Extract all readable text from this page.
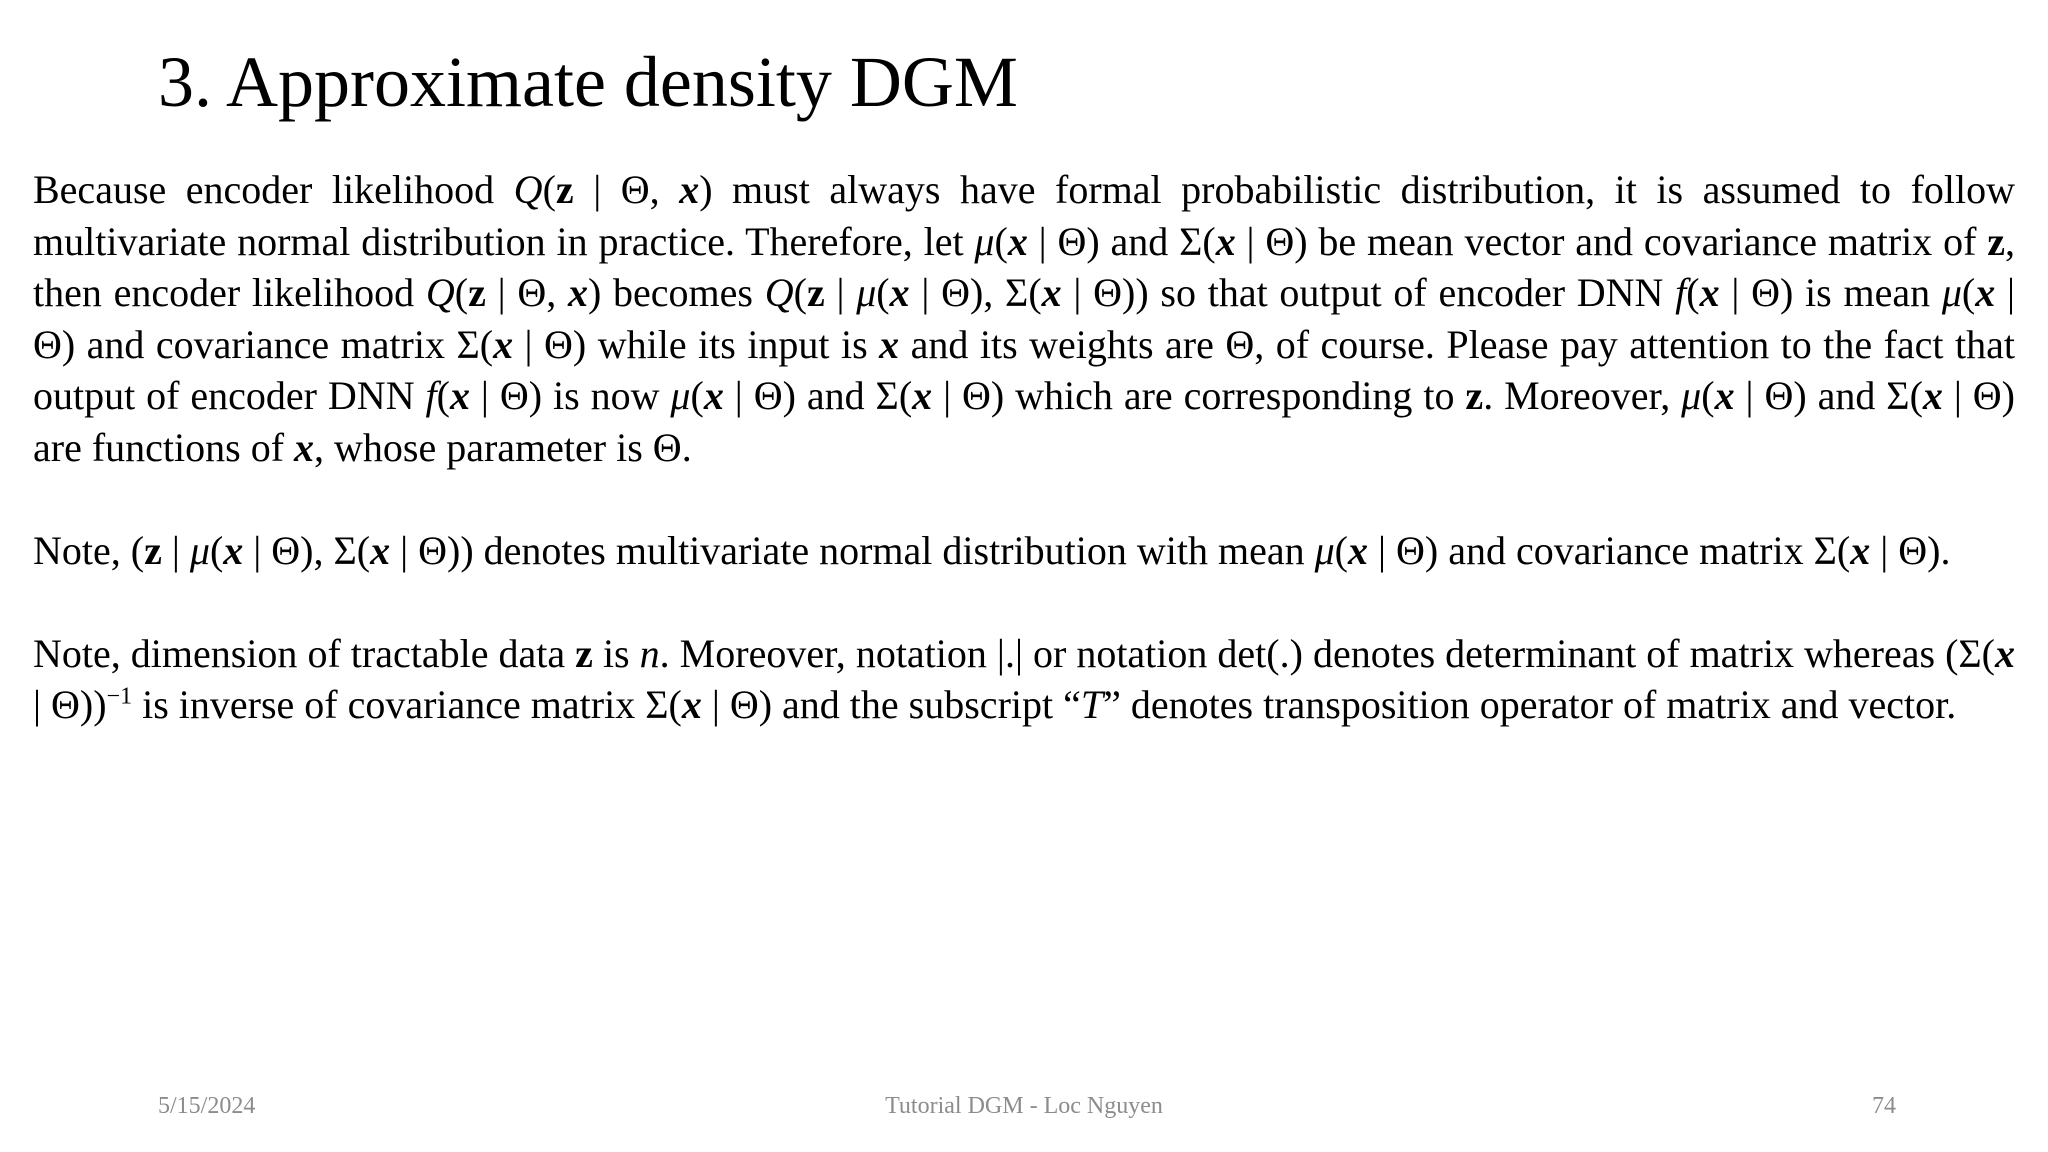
3. Approximate density DGM

Because encoder likelihood Q(z | Θ, x) must always have formal probabilistic distribution, it is assumed to follow multivariate normal distribution in practice. Therefore, let μ(x | Θ) and Σ(x | Θ) be mean vector and covariance matrix of z, then encoder likelihood Q(z | Θ, x) becomes Q(z | μ(x | Θ), Σ(x | Θ)) so that output of encoder DNN f(x | Θ) is mean μ(x | Θ) and covariance matrix Σ(x | Θ) while its input is x and its weights are Θ, of course. Please pay attention to the fact that output of encoder DNN f(x | Θ) is now μ(x | Θ) and Σ(x | Θ) which are corresponding to z. Moreover, μ(x | Θ) and Σ(x | Θ) are functions of x, whose parameter is Θ.

Note, (z | μ(x | Θ), Σ(x | Θ)) denotes multivariate normal distribution with mean μ(x | Θ) and covariance matrix Σ(x | Θ).

Note, dimension of tractable data z is n. Moreover, notation |.| or notation det(.) denotes determinant of matrix whereas (Σ(x | Θ))$^{-1}$ is inverse of covariance matrix Σ(x | Θ) and the subscript “T” denotes transposition operator of matrix and vector.

5/15/2024	Tutorial DGM - Loc Nguyen	74
